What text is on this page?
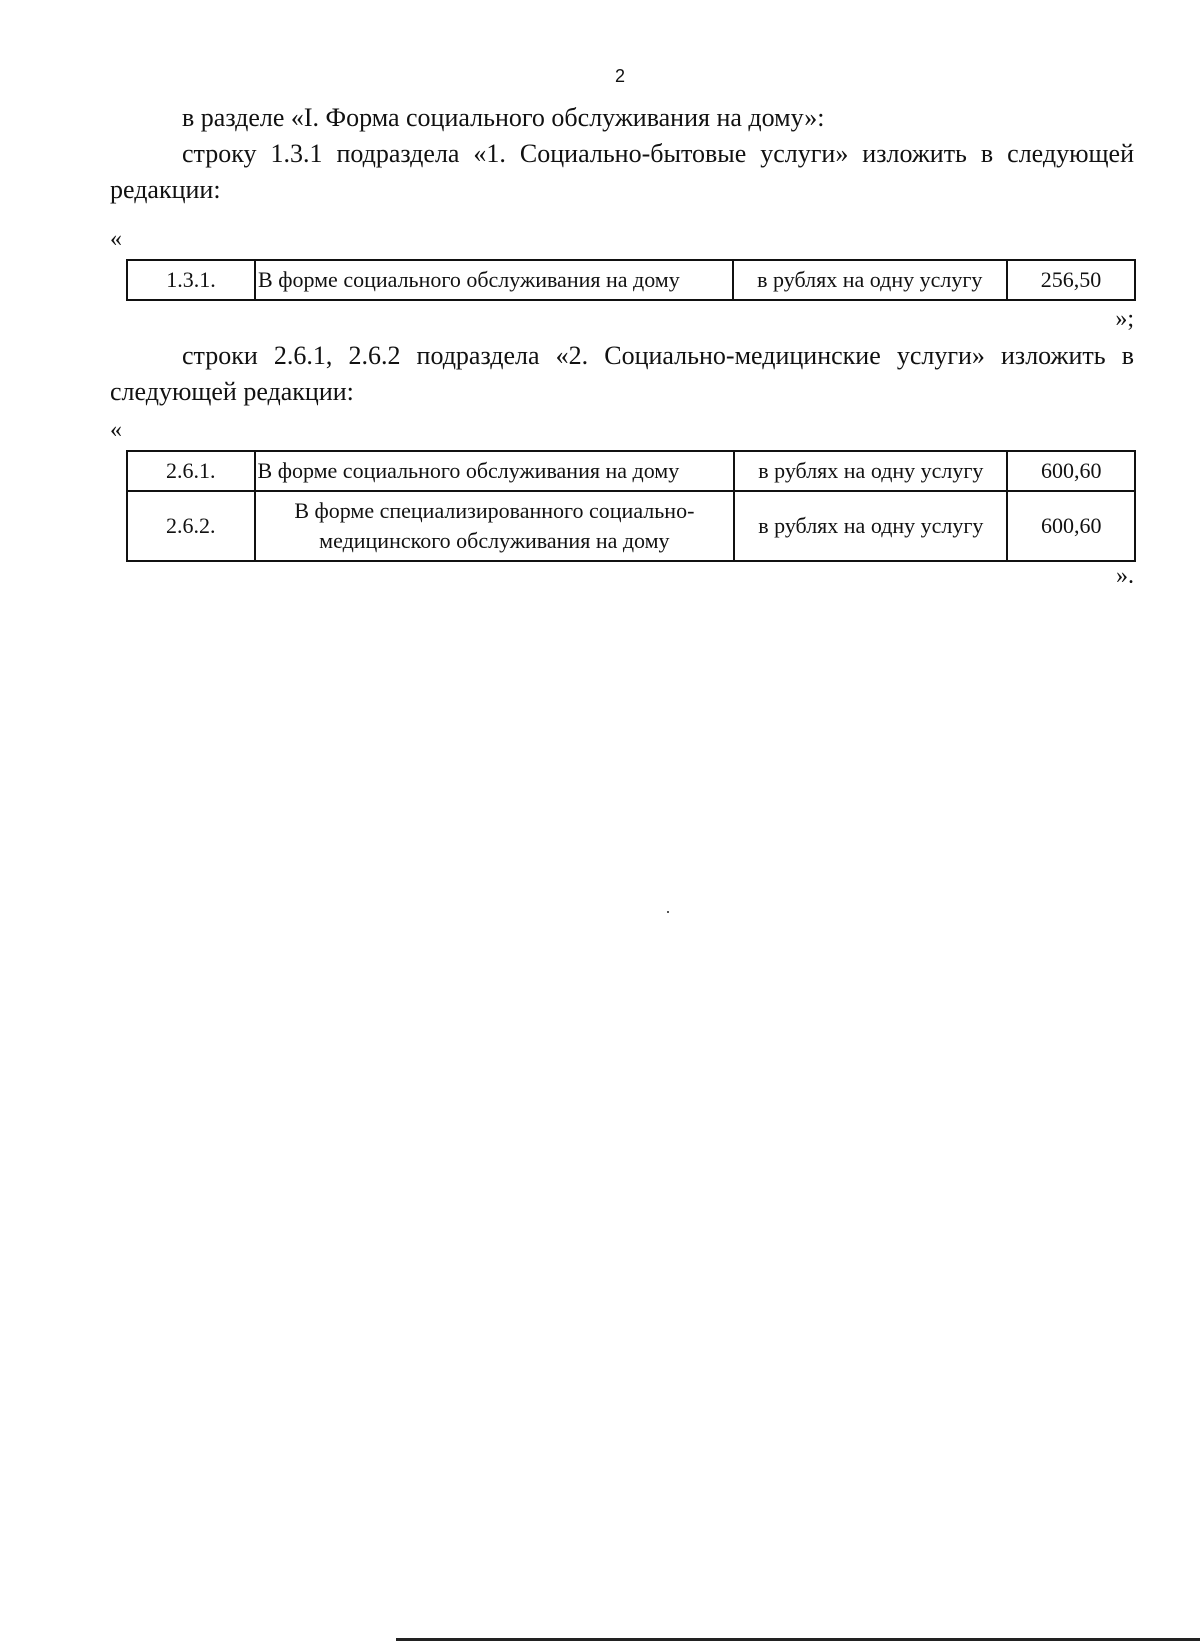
2

в разделе «I. Форма социального обслуживания на дому»:

строку 1.3.1 подраздела «1. Социально-бытовые услуги» изложить в следующей редакции:

«
1.3.1.	В форме социального обслуживания на дому	в рублях на одну услугу	256,50
»;

строки 2.6.1, 2.6.2 подраздела «2. Социально-медицинские услуги» изложить в следующей редакции:

«
2.6.1.	В форме социального обслуживания на дому	в рублях на одну услугу	600,60
2.6.2.	В форме специализированного социально-медицинского обслуживания на дому	в рублях на одну услугу	600,60
».
